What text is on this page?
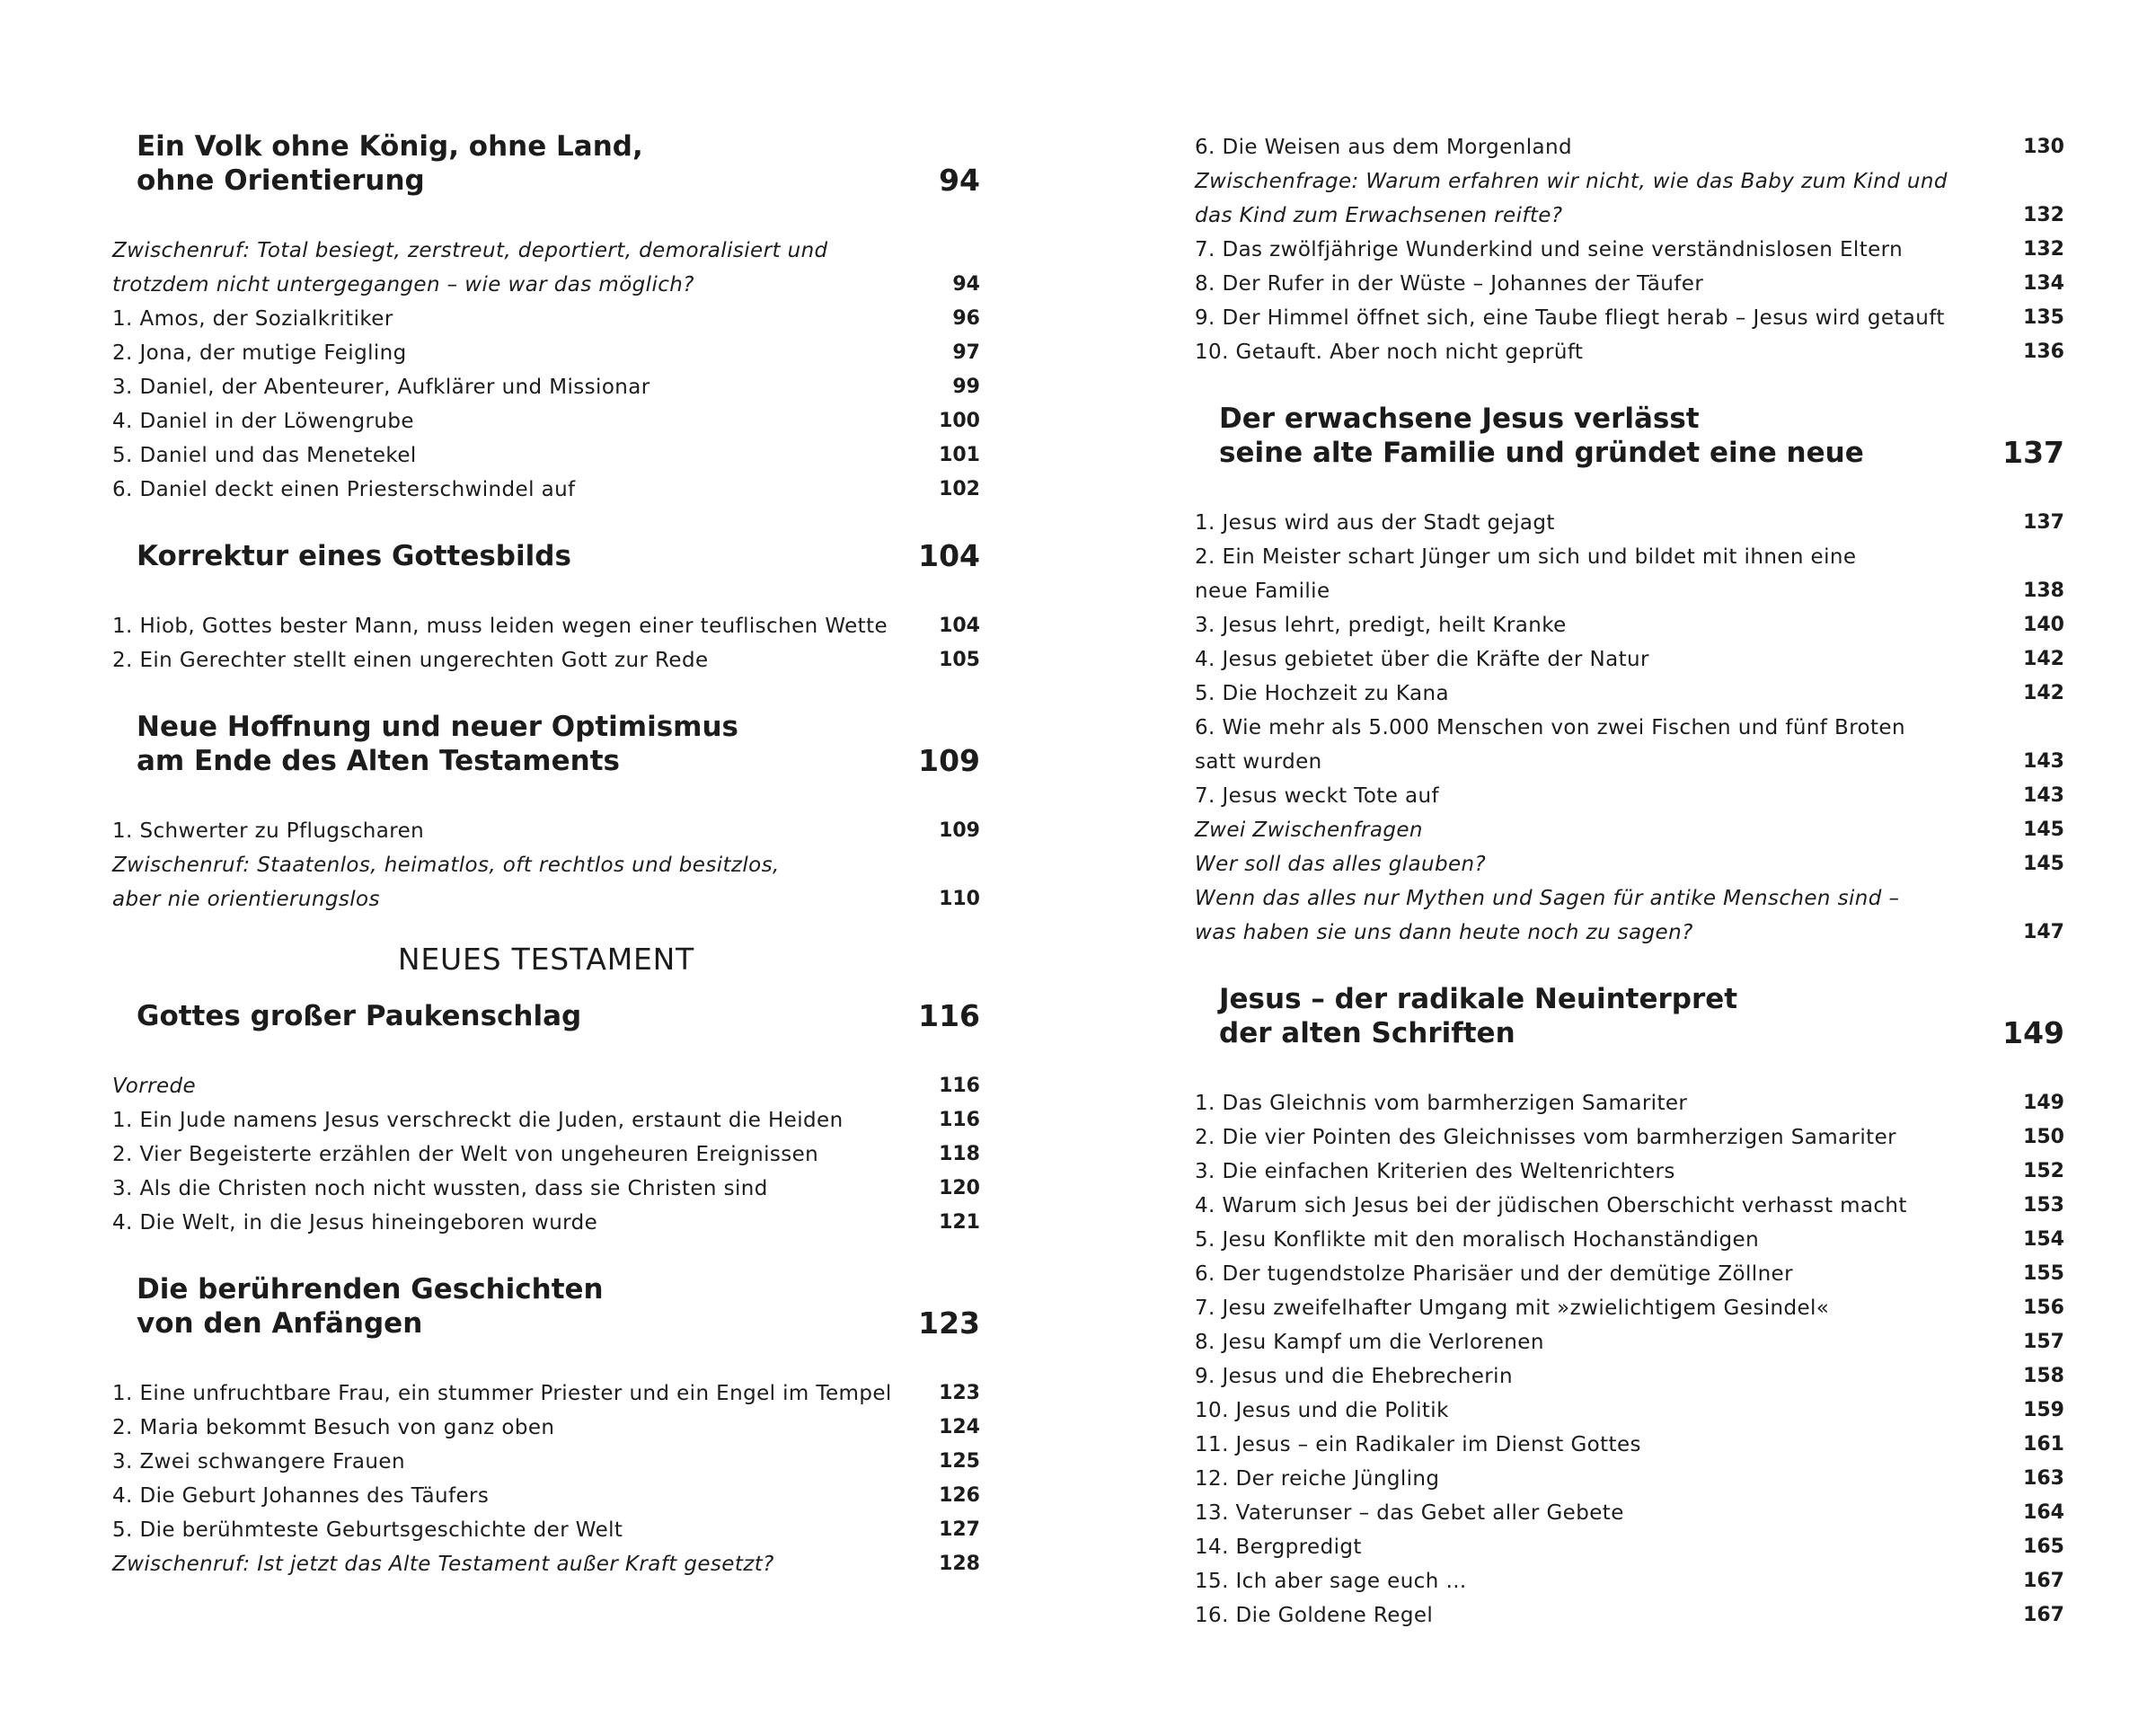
Ein Volk ohne König, ohne Land,
ohne Orientierung	94
Zwischenruf: Total besiegt, zerstreut, deportiert, demoralisiert und
trotzdem nicht untergegangen – wie war das möglich?	94
1. Amos, der Sozialkritiker	96
2. Jona, der mutige Feigling	97
3. Daniel, der Abenteurer, Aufklärer und Missionar	99
4. Daniel in der Löwengrube	100
5. Daniel und das Menetekel	101
6. Daniel deckt einen Priesterschwindel auf	102
Korrektur eines Gottesbilds	104
1. Hiob, Gottes bester Mann, muss leiden wegen einer teuflischen Wette	104
2. Ein Gerechter stellt einen ungerechten Gott zur Rede	105
Neue Hoffnung und neuer Optimismus
am Ende des Alten Testaments	109
1. Schwerter zu Pflugscharen	109
Zwischenruf: Staatenlos, heimatlos, oft rechtlos und besitzlos,
aber nie orientierungslos	110
NEUES TESTAMENT
Gottes großer Paukenschlag	116
Vorrede	116
1. Ein Jude namens Jesus verschreckt die Juden, erstaunt die Heiden	116
2. Vier Begeisterte erzählen der Welt von ungeheuren Ereignissen	118
3. Als die Christen noch nicht wussten, dass sie Christen sind	120
4. Die Welt, in die Jesus hineingeboren wurde	121
Die berührenden Geschichten
von den Anfängen	123
1. Eine unfruchtbare Frau, ein stummer Priester und ein Engel im Tempel 123
2. Maria bekommt Besuch von ganz oben	124
3. Zwei schwangere Frauen	125
4. Die Geburt Johannes des Täufers	126
5. Die berühmteste Geburtsgeschichte der Welt	127
Zwischenruf: Ist jetzt das Alte Testament außer Kraft gesetzt?	128
6. Die Weisen aus dem Morgenland	130
Zwischenfrage: Warum erfahren wir nicht, wie das Baby zum Kind und
das Kind zum Erwachsenen reifte?	132
7. Das zwölfjährige Wunderkind und seine verständnislosen Eltern	132
8. Der Rufer in der Wüste – Johannes der Täufer	134
9. Der Himmel öffnet sich, eine Taube fliegt herab – Jesus wird getauft	135
10. Getauft. Aber noch nicht geprüft	136
Der erwachsene Jesus verlässt
seine alte Familie und gründet eine neue	137
1. Jesus wird aus der Stadt gejagt	137
2. Ein Meister schart Jünger um sich und bildet mit ihnen eine
neue Familie	138
3. Jesus lehrt, predigt, heilt Kranke	140
4. Jesus gebietet über die Kräfte der Natur	142
5. Die Hochzeit zu Kana	142
6. Wie mehr als 5.000 Menschen von zwei Fischen und fünf Broten
satt wurden	143
7. Jesus weckt Tote auf	143
Zwei Zwischenfragen	145
Wer soll das alles glauben?	145
Wenn das alles nur Mythen und Sagen für antike Menschen sind –
was haben sie uns dann heute noch zu sagen?	147
Jesus – der radikale Neuinterpret
der alten Schriften	149
1. Das Gleichnis vom barmherzigen Samariter	149
2. Die vier Pointen des Gleichnisses vom barmherzigen Samariter	150
3. Die einfachen Kriterien des Weltenrichters	152
4. Warum sich Jesus bei der jüdischen Oberschicht verhasst macht	153
5. Jesu Konflikte mit den moralisch Hochanständigen	154
6. Der tugendstolze Pharisäer und der demütige Zöllner	155
7. Jesu zweifelhafter Umgang mit »zwielichtigem Gesindel«	156
8. Jesu Kampf um die Verlorenen	157
9. Jesus und die Ehebrecherin	158
10. Jesus und die Politik	159
11. Jesus – ein Radikaler im Dienst Gottes	161
12. Der reiche Jüngling	163
13. Vaterunser – das Gebet aller Gebete	164
14. Bergpredigt	165
15. Ich aber sage euch …	167
16. Die Goldene Regel	167
